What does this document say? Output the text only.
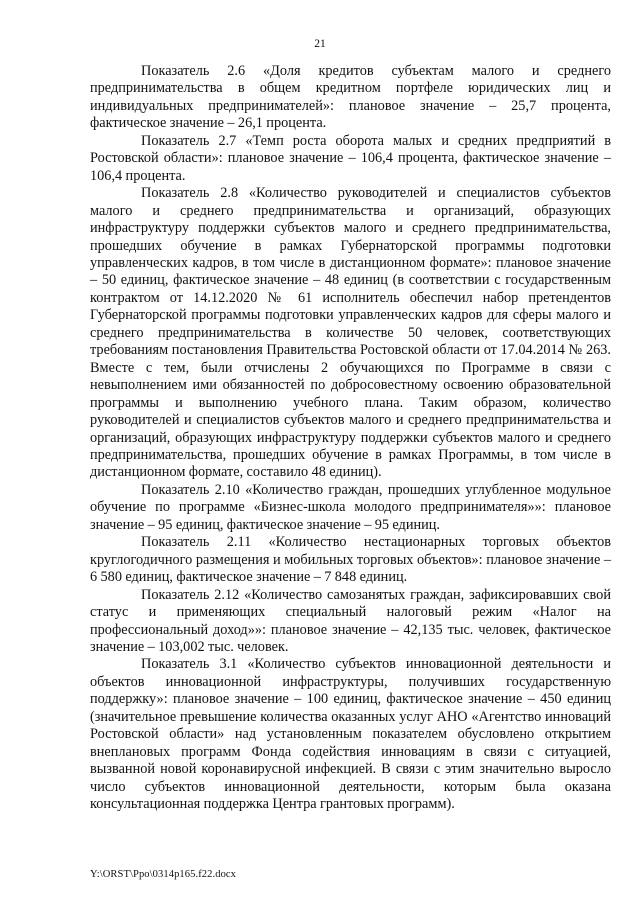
21

Показатель 2.6 «Доля кредитов субъектам малого и среднего предпринимательства в общем кредитном портфеле юридических лиц и индивидуальных предпринимателей»: плановое значение – 25,7 процента, фактическое значение – 26,1 процента.

Показатель 2.7 «Темп роста оборота малых и средних предприятий в Ростовской области»: плановое значение – 106,4 процента, фактическое значение – 106,4 процента.

Показатель 2.8 «Количество руководителей и специалистов субъектов малого и среднего предпринимательства и организаций, образующих инфраструктуру поддержки субъектов малого и среднего предпринимательства, прошедших обучение в рамках Губернаторской программы подготовки управленческих кадров, в том числе в дистанционном формате»: плановое значение – 50 единиц, фактическое значение – 48 единиц (в соответствии с государственным контрактом от 14.12.2020 № 61 исполнитель обеспечил набор претендентов Губернаторской программы подготовки управленческих кадров для сферы малого и среднего предпринимательства в количестве 50 человек, соответствующих требованиям постановления Правительства Ростовской области от 17.04.2014 № 263. Вместе с тем, были отчислены 2 обучающихся по Программе в связи с невыполнением ими обязанностей по добросовестному освоению образовательной программы и выполнению учебного плана. Таким образом, количество руководителей и специалистов субъектов малого и среднего предпринимательства и организаций, образующих инфраструктуру поддержки субъектов малого и среднего предпринимательства, прошедших обучение в рамках Программы, в том числе в дистанционном формате, составило 48 единиц).

Показатель 2.10 «Количество граждан, прошедших углубленное модульное обучение по программе «Бизнес-школа молодого предпринимателя»»: плановое значение – 95 единиц, фактическое значение – 95 единиц.

Показатель 2.11 «Количество нестационарных торговых объектов круглогодичного размещения и мобильных торговых объектов»: плановое значение – 6 580 единиц, фактическое значение – 7 848 единиц.

Показатель 2.12 «Количество самозанятых граждан, зафиксировавших свой статус и применяющих специальный налоговый режим «Налог на профессиональный доход»»: плановое значение – 42,135 тыс. человек, фактическое значение – 103,002 тыс. человек.

Показатель 3.1 «Количество субъектов инновационной деятельности и объектов инновационной инфраструктуры, получивших государственную поддержку»: плановое значение – 100 единиц, фактическое значение – 450 единиц (значительное превышение количества оказанных услуг АНО «Агентство инноваций Ростовской области» над установленным показателем обусловлено открытием внеплановых программ Фонда содействия инновациям в связи с ситуацией, вызванной новой коронавирусной инфекцией. В связи с этим значительно выросло число субъектов инновационной деятельности, которым была оказана консультационная поддержка Центра грантовых программ).

Y:\ORST\Ppo\0314p165.f22.docx
